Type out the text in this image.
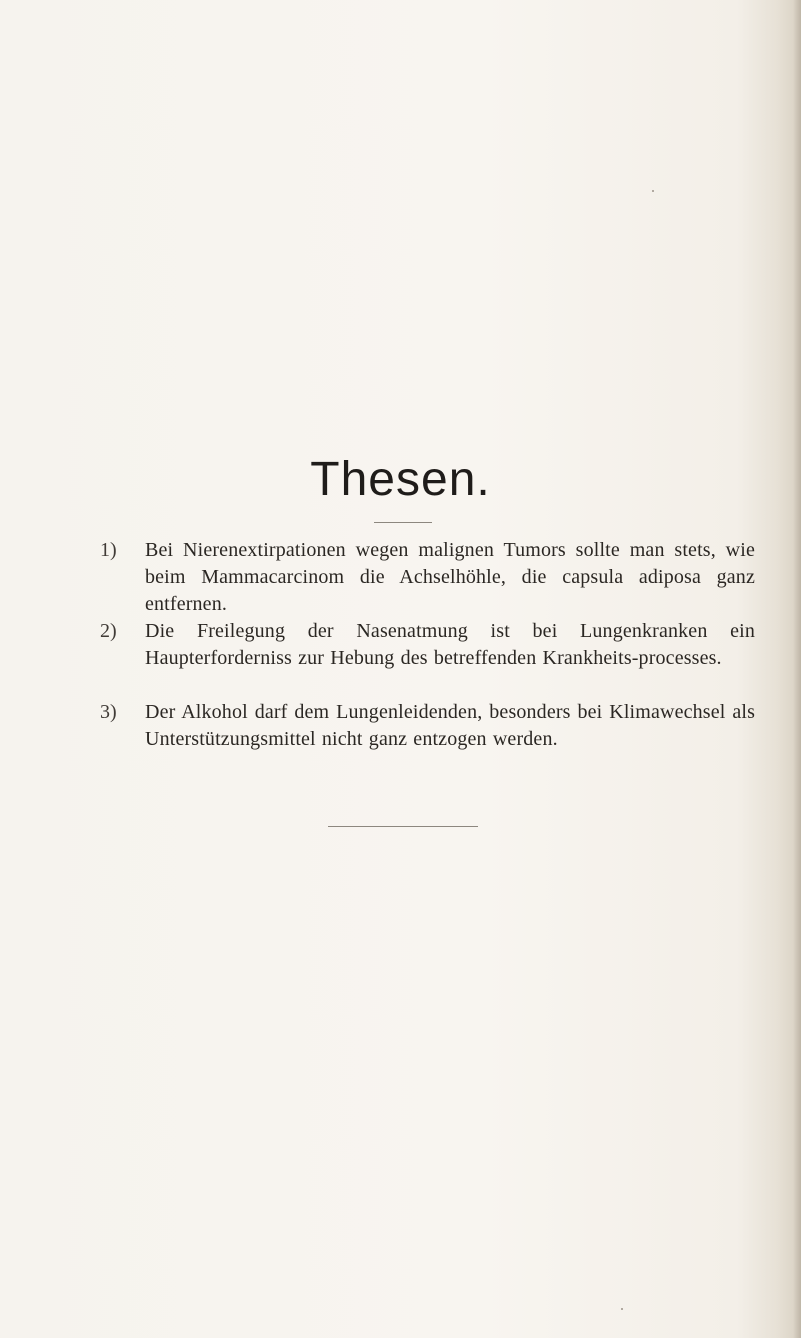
Thesen.
1) Bei Nierenextirpationen wegen malignen Tumors sollte man stets, wie beim Mammacarcinom die Achselhöhle, die capsula adiposa ganz entfernen.
2) Die Freilegung der Nasenatmung ist bei Lungenkranken ein Haupterforderniss zur Hebung des betreffenden Krankheits-processes.
3) Der Alkohol darf dem Lungenleidenden, besonders bei Klimawechsel als Unterstützungsmittel nicht ganz entzogen werden.
